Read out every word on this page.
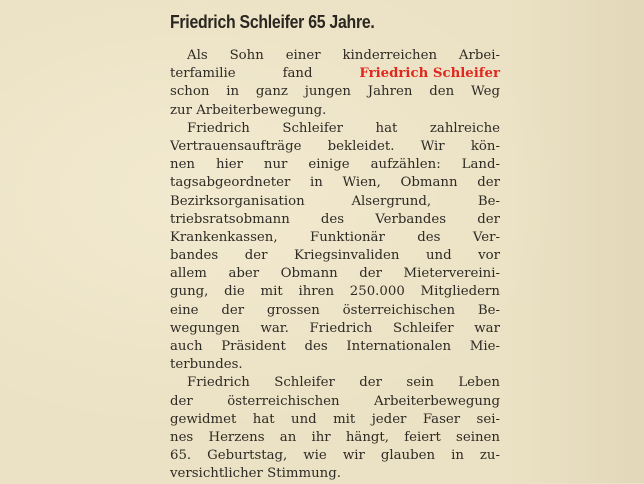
Friedrich Schleifer 65 Jahre.
Als Sohn einer kinderreichen Arbei-
terfamilie	fand	Friedrich Schleifer
schon in ganz jungen Jahren den Weg
zur Arbeiterbewegung.
Friedrich Schleifer hat zahlreiche
Vertrauensaufträge bekleidet. Wir kön-
nen hier nur einige aufzählen: Land-
tagsabgeordneter in Wien, Obmann der
Bezirksorganisation	Alsergrund,	Be-
triebsratsobmann des Verbandes der
Krankenkassen, Funktionär des Ver-
bandes der Kriegsinvaliden und vor
allem aber Obmann der Mietervereini-
gung, die mit ihren 250.000 Mitgliedern
eine der grossen österreichischen Be-
wegungen war. Friedrich Schleifer war
auch Präsident des Internationalen Mie-
terbundes.
Friedrich Schleifer der sein Leben
der	österreichischen	Arbeiterbewegung
gewidmet hat und mit jeder Faser sei-
nes Herzens an ihr hängt, feiert seinen
65. Geburtstag, wie wir glauben in zu-
versichtlicher Stimmung.
